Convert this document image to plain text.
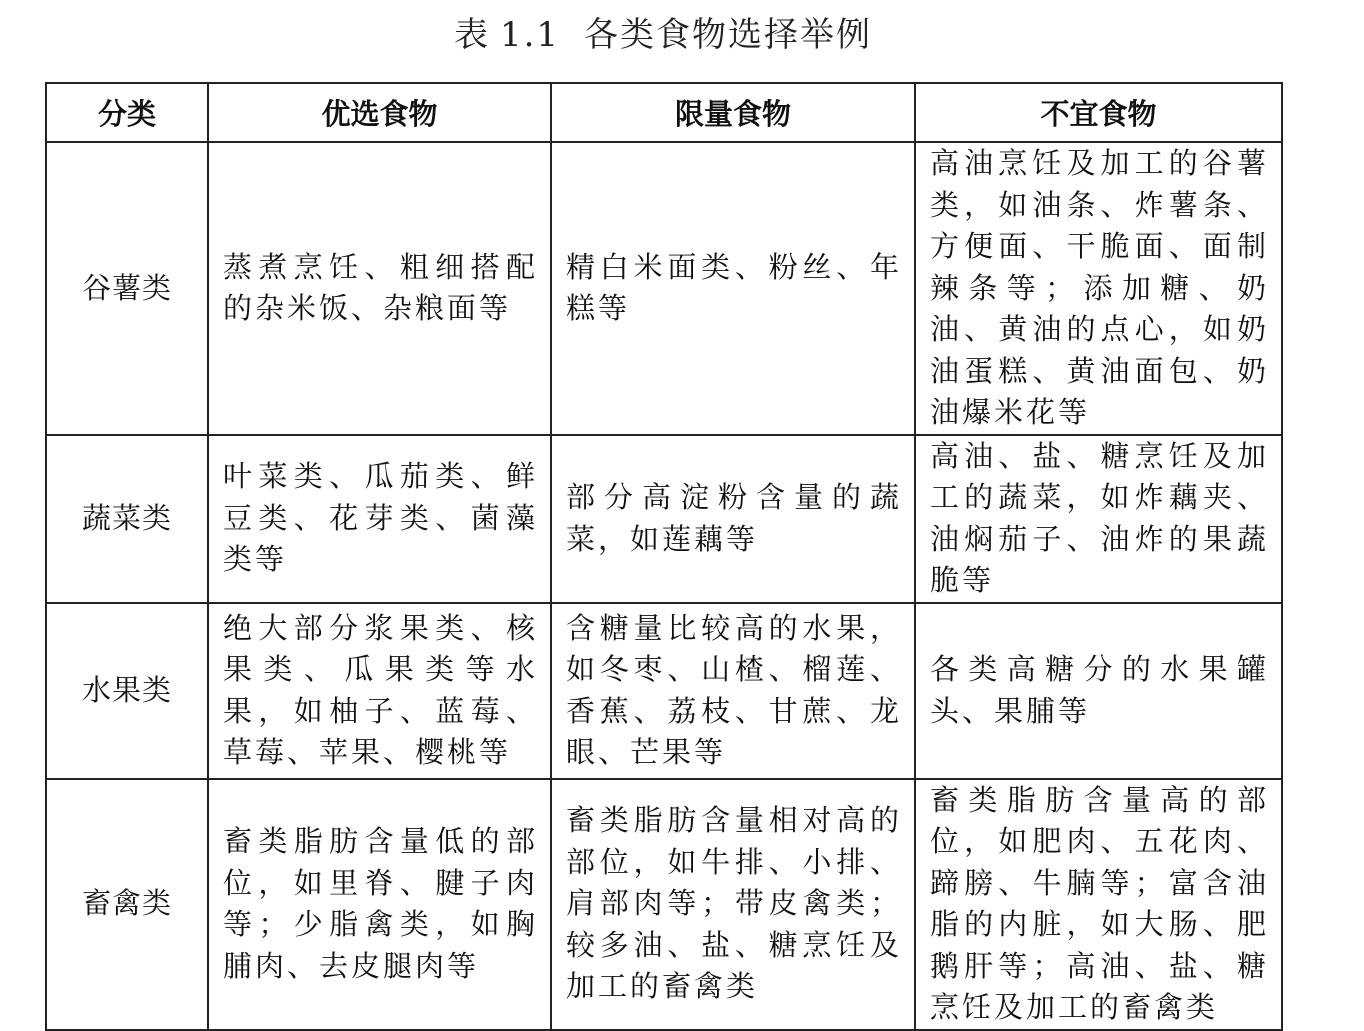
表 1.1 各类食物选择举例
分类	优选食物	限量食物	不宜食物
谷薯类	蒸煮烹饪、粗细搭配的杂米饭、杂粮面等	精白米面类、粉丝、年糕等	高油烹饪及加工的谷薯类，如油条、炸薯条、方便面、干脆面、面制辣条等；添加糖、奶油、黄油的点心，如奶油蛋糕、黄油面包、奶油爆米花等
蔬菜类	叶菜类、瓜茄类、鲜豆类、花芽类、菌藻类等	部分高淀粉含量的蔬菜，如莲藕等	高油、盐、糖烹饪及加工的蔬菜，如炸藕夹、油焖茄子、油炸的果蔬脆等
水果类	绝大部分浆果类、核果类、瓜果类等水果，如柚子、蓝莓、草莓、苹果、樱桃等	含糖量比较高的水果，如冬枣、山楂、榴莲、香蕉、荔枝、甘蔗、龙眼、芒果等	各类高糖分的水果罐头、果脯等
畜禽类	畜类脂肪含量低的部位，如里脊、腱子肉等；少脂禽类，如胸脯肉、去皮腿肉等	畜类脂肪含量相对高的部位，如牛排、小排、肩部肉等；带皮禽类；较多油、盐、糖烹饪及加工的畜禽类	畜类脂肪含量高的部位，如肥肉、五花肉、蹄膀、牛腩等；富含油脂的内脏，如大肠、肥鹅肝等；高油、盐、糖烹饪及加工的畜禽类
